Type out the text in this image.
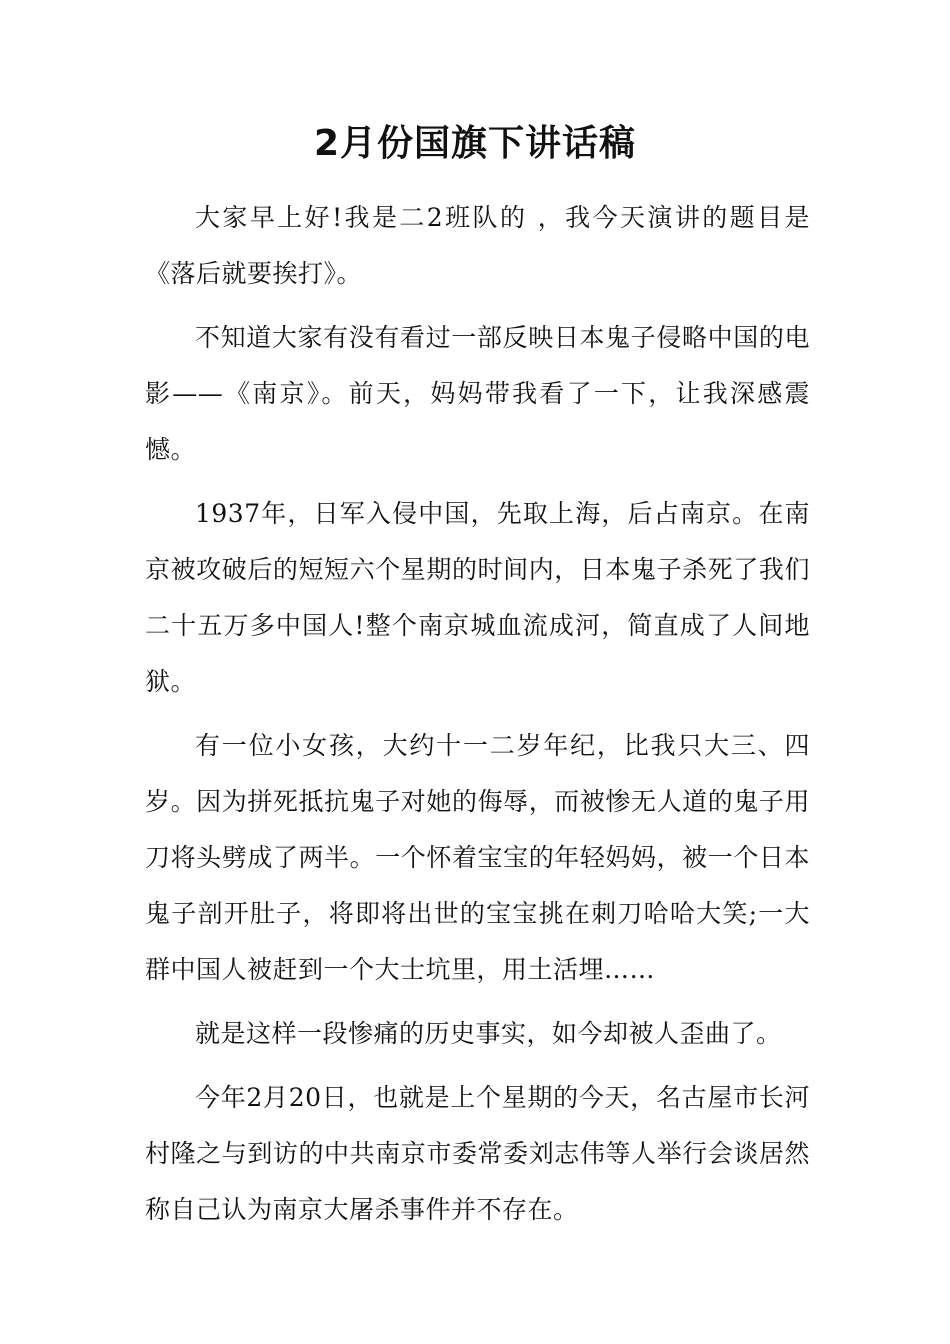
2月份国旗下讲话稿

大家早上好!我是二2班队的 ，我今天演讲的题目是《落后就要挨打》。

不知道大家有没有看过一部反映日本鬼子侵略中国的电影——《南京》。前天，妈妈带我看了一下，让我深感震憾。

1937年，日军入侵中国，先取上海，后占南京。在南京被攻破后的短短六个星期的时间内，日本鬼子杀死了我们二十五万多中国人!整个南京城血流成河，简直成了人间地狱。

有一位小女孩，大约十一二岁年纪，比我只大三、四岁。因为拼死抵抗鬼子对她的侮辱，而被惨无人道的鬼子用刀将头劈成了两半。一个怀着宝宝的年轻妈妈，被一个日本鬼子剖开肚子，将即将出世的宝宝挑在刺刀哈哈大笑;一大群中国人被赶到一个大士坑里，用土活埋……

就是这样一段惨痛的历史事实，如今却被人歪曲了。

今年2月20日，也就是上个星期的今天，名古屋市长河村隆之与到访的中共南京市委常委刘志伟等人举行会谈居然称自己认为南京大屠杀事件并不存在。
